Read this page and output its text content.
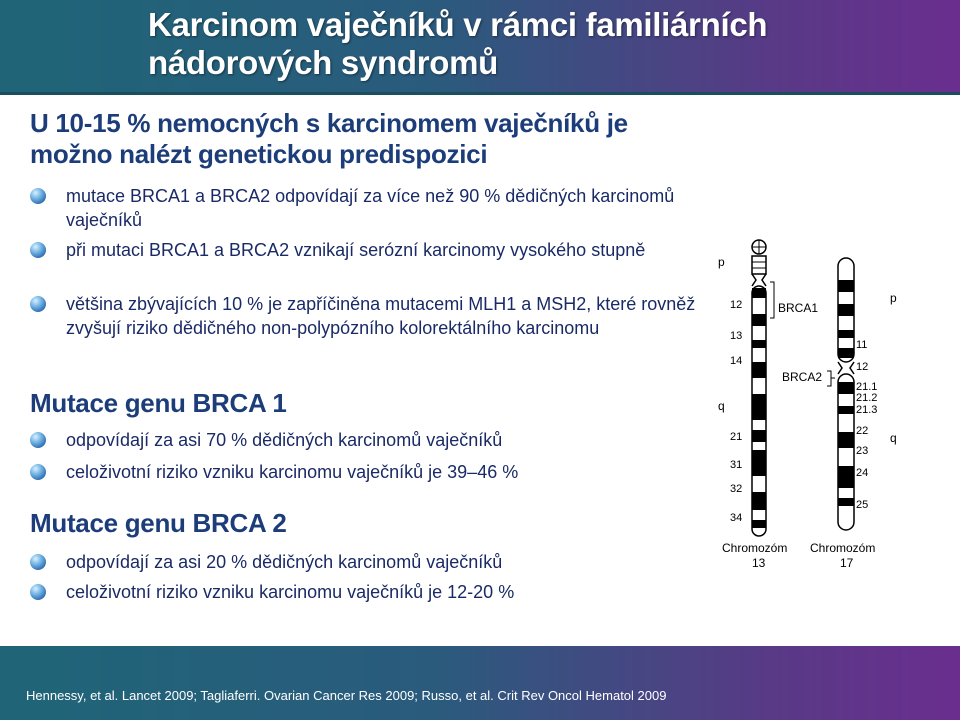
Karcinom vaječníků v rámci familiárních nádorových syndromů
U 10-15 % nemocných s karcinomem vaječníků je možno nalézt genetickou predispozici
mutace BRCA1 a BRCA2 odpovídají za více než 90 % dědičných karcinomů vaječníků
při mutaci BRCA1 a BRCA2 vznikají serózní karcinomy vysokého stupně
většina zbývajících 10 % je zapříčiněna mutacemi MLH1 a MSH2, které rovněž zvyšují riziko dědičného non-polypózního kolorektálního karcinomu
Mutace genu BRCA 1
odpovídají za asi 70 % dědičných karcinomů vaječníků
celoživotní riziko vzniku karcinomu vaječníků je 39–46 %
Mutace genu BRCA 2
odpovídají za asi 20 % dědičných karcinomů vaječníků
celoživotní riziko vzniku karcinomu vaječníků je 12-20 %
p
q
12
13
14
21
31
32
34
BRCA1
Chromozóm
13
p
q
11
12
21.1
21.2
21.3
22
23
24
25
BRCA2
Chromozóm
17
Hennessy, et al. Lancet 2009; Tagliaferri. Ovarian Cancer Res 2009; Russo, et al. Crit Rev Oncol Hematol 2009
